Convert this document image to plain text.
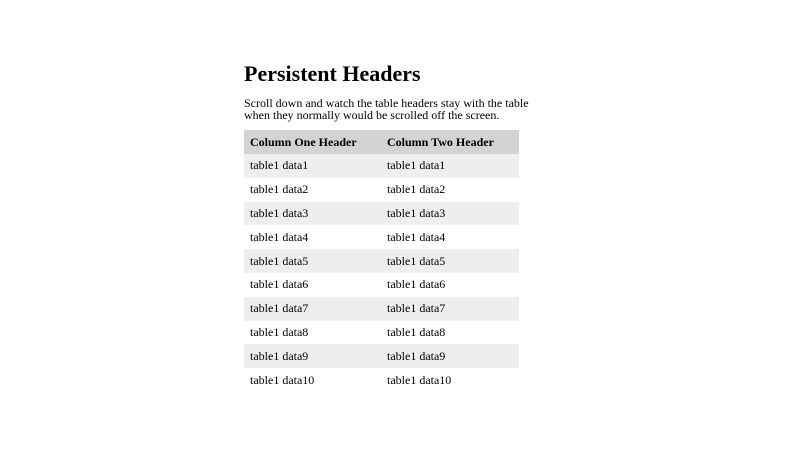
Persistent Headers

Scroll down and watch the table headers stay with the table when they normally would be scrolled off the screen.

Column One Header	Column Two Header
table1 data1	table1 data1
table1 data2	table1 data2
table1 data3	table1 data3
table1 data4	table1 data4
table1 data5	table1 data5
table1 data6	table1 data6
table1 data7	table1 data7
table1 data8	table1 data8
table1 data9	table1 data9
table1 data10	table1 data10
